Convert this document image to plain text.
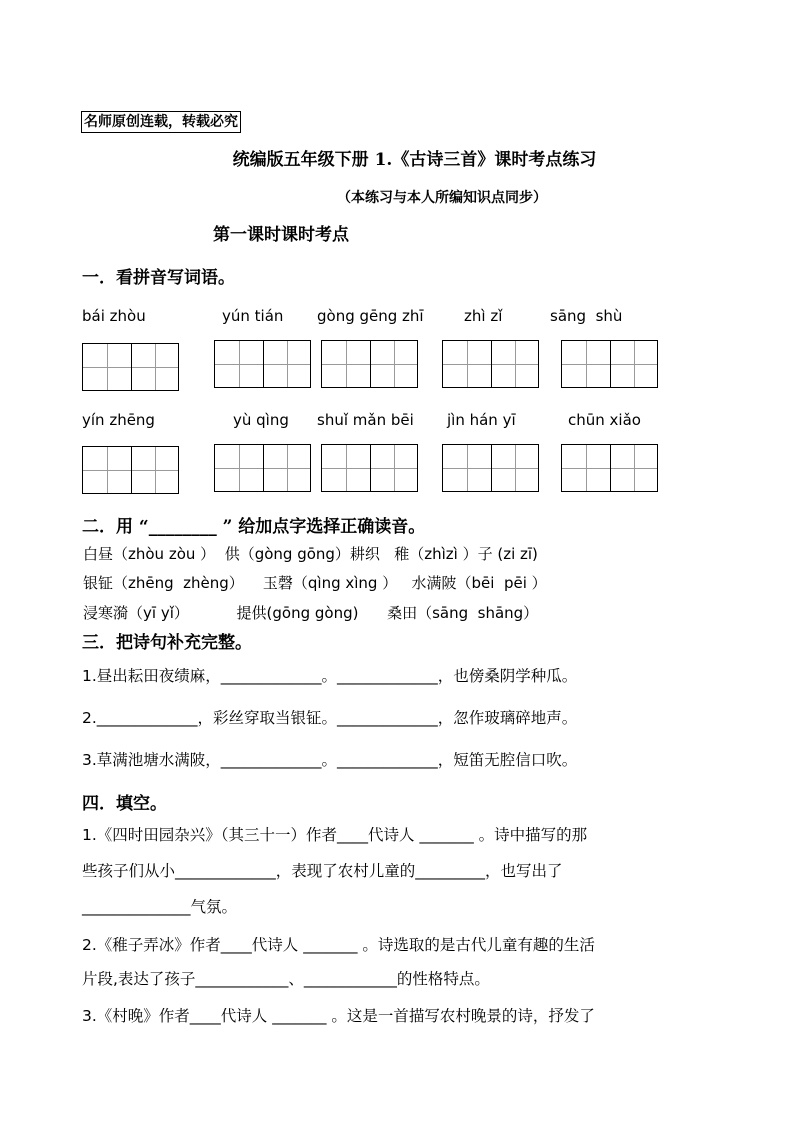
名师原创连载，转载必究
统编版五年级下册 1.《古诗三首》课时考点练习
（本练习与本人所编知识点同步）
第一课时课时考点
一．看拼音写词语。
bái zhòu	yún tián gòng gēng zhī	zhì zǐ	sāng  shù
yín zhēng	yù qìng shuǐ mǎn bēi jìn hán yī	chūn xiǎo
二．用 “________ ” 给加点字选择正确读音。
白昼（zhòu zòu ）  供（gòng gōng）耕织   稚（zhìzì ）子 (zi zī)
银钲（zhēng  zhèng）    玉磬（qìng xìng ）   水满陂（bēi  pēi ）
浸寒漪（yī yǐ）          提供(gōng gòng)      桑田（sāng  shāng）
三．把诗句补充完整。
1.昼出耘田夜绩麻，_____________。_____________，也傍桑阴学种瓜。
2._____________，彩丝穿取当银钲。_____________，忽作玻璃碎地声。
3.草满池塘水满陂，_____________。_____________，短笛无腔信口吹。
四．填空。
1.《四时田园杂兴》（其三十一）作者____代诗人 _______ 。诗中描写的那
些孩子们从小_____________，表现了农村儿童的_________，也写出了
______________气氛。
2.《稚子弄冰》作者____代诗人 _______ 。诗选取的是古代儿童有趣的生活
片段,表达了孩子____________、____________的性格特点。
3.《村晚》作者____代诗人 _______ 。这是一首描写农村晚景的诗，抒发了
